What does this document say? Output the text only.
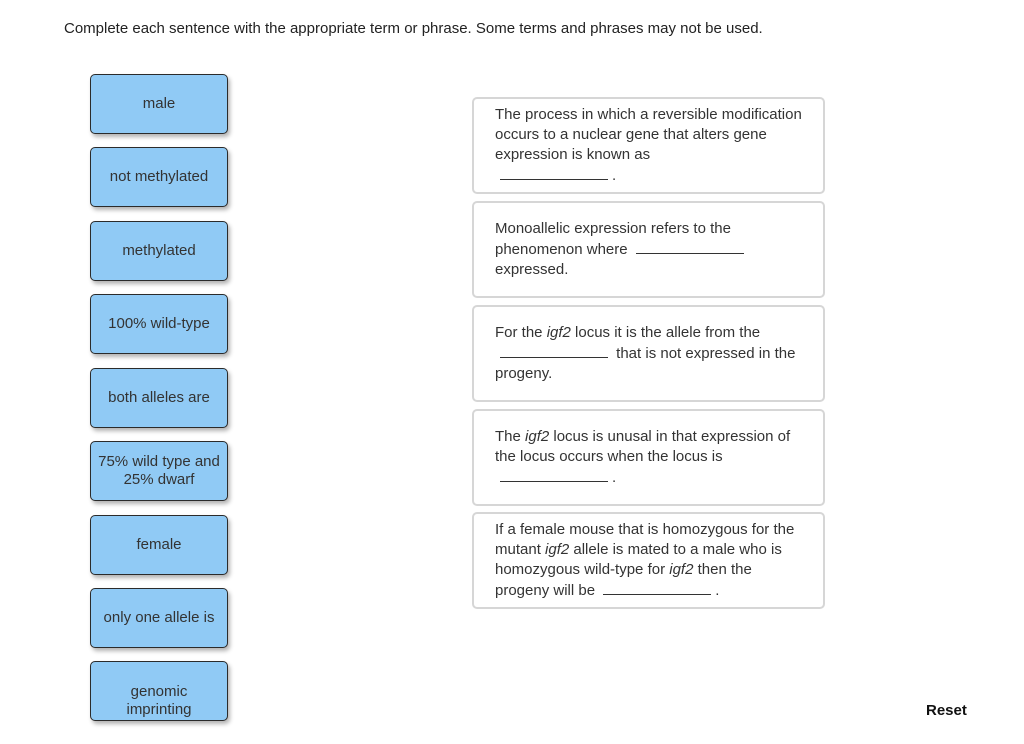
Complete each sentence with the appropriate term or phrase. Some terms and phrases may not be used.
male
not methylated
methylated
100% wild-type
both alleles are
75% wild type and 25% dwarf
female
only one allele is
genomic imprinting
The process in which a reversible modification occurs to a nuclear gene that alters gene expression is known as
.
Monoallelic expression refers to the phenomenon where
expressed.
For the igf2 locus it is the allele from the
that is not expressed in the progeny.
The igf2 locus is unusal in that expression of the locus occurs when the locus is
.
If a female mouse that is homozygous for the mutant igf2 allele is mated to a male who is homozygous wild-type for igf2 then the progeny will be	.
Reset
